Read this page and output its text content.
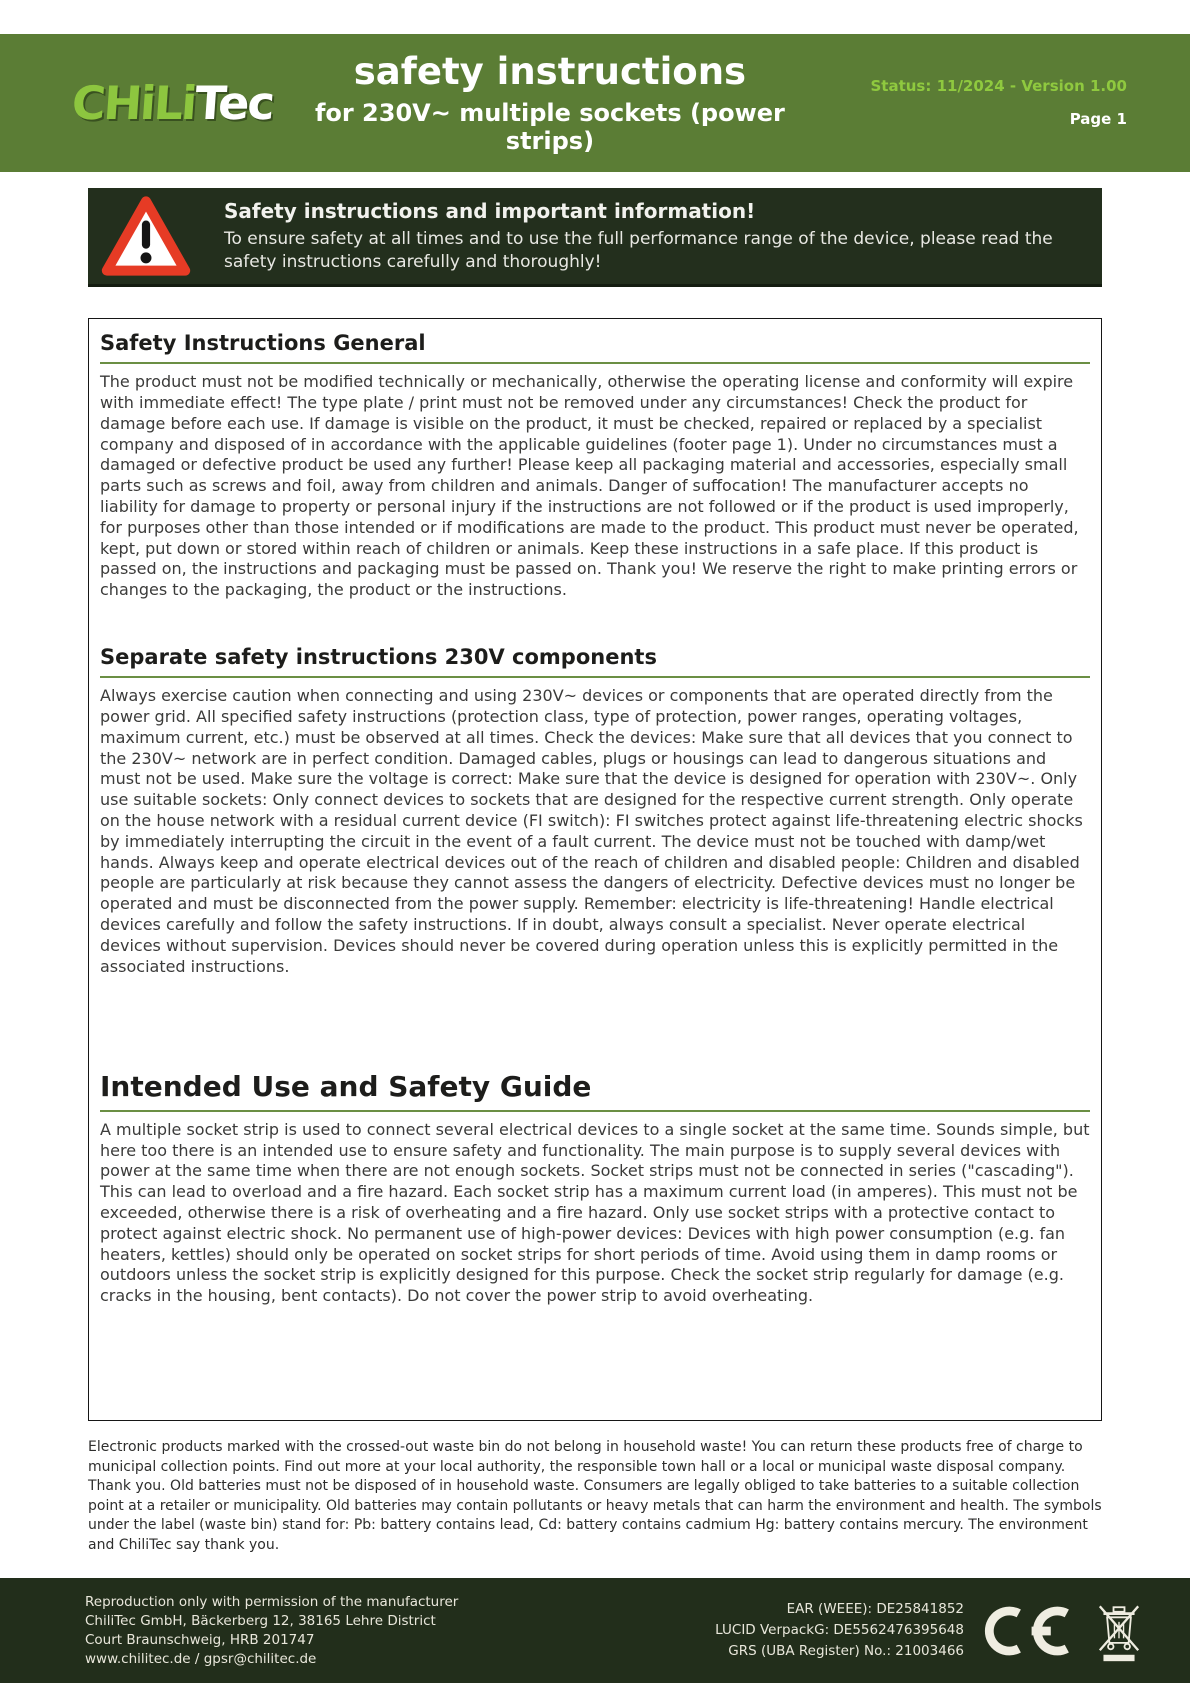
CHiLiTec
safety instructions
for 230V~ multiple sockets (power strips)
Status: 11/2024 - Version 1.00
Page 1
Safety instructions and important information!
To ensure safety at all times and to use the full performance range of the device, please read the safety instructions carefully and thoroughly!
Safety Instructions General

The product must not be modified technically or mechanically, otherwise the operating license and conformity will expire with immediate effect! The type plate / print must not be removed under any circumstances! Check the product for damage before each use. If damage is visible on the product, it must be checked, repaired or replaced by a specialist company and disposed of in accordance with the applicable guidelines (footer page 1). Under no circumstances must a damaged or defective product be used any further! Please keep all packaging material and accessories, especially small parts such as screws and foil, away from children and animals. Danger of suffocation! The manufacturer accepts no liability for damage to property or personal injury if the instructions are not followed or if the product is used improperly, for purposes other than those intended or if modifications are made to the product. This product must never be operated, kept, put down or stored within reach of children or animals. Keep these instructions in a safe place. If this product is passed on, the instructions and packaging must be passed on. Thank you! We reserve the right to make printing errors or changes to the packaging, the product or the instructions.

Separate safety instructions 230V components

Always exercise caution when connecting and using 230V~ devices or components that are operated directly from the power grid. All specified safety instructions (protection class, type of protection, power ranges, operating voltages, maximum current, etc.) must be observed at all times. Check the devices: Make sure that all devices that you connect to the 230V~ network are in perfect condition. Damaged cables, plugs or housings can lead to dangerous situations and must not be used. Make sure the voltage is correct: Make sure that the device is designed for operation with 230V~. Only use suitable sockets: Only connect devices to sockets that are designed for the respective current strength. Only operate on the house network with a residual current device (FI switch): FI switches protect against life-threatening electric shocks by immediately interrupting the circuit in the event of a fault current. The device must not be touched with damp/wet hands. Always keep and operate electrical devices out of the reach of children and disabled people: Children and disabled people are particularly at risk because they cannot assess the dangers of electricity. Defective devices must no longer be operated and must be disconnected from the power supply. Remember: electricity is life-threatening! Handle electrical devices carefully and follow the safety instructions. If in doubt, always consult a specialist. Never operate electrical devices without supervision. Devices should never be covered during operation unless this is explicitly permitted in the associated instructions.

Intended Use and Safety Guide

A multiple socket strip is used to connect several electrical devices to a single socket at the same time. Sounds simple, but here too there is an intended use to ensure safety and functionality. The main purpose is to supply several devices with power at the same time when there are not enough sockets. Socket strips must not be connected in series ("cascading"). This can lead to overload and a fire hazard. Each socket strip has a maximum current load (in amperes). This must not be exceeded, otherwise there is a risk of overheating and a fire hazard. Only use socket strips with a protective contact to protect against electric shock. No permanent use of high-power devices: Devices with high power consumption (e.g. fan heaters, kettles) should only be operated on socket strips for short periods of time. Avoid using them in damp rooms or outdoors unless the socket strip is explicitly designed for this purpose. Check the socket strip regularly for damage (e.g. cracks in the housing, bent contacts). Do not cover the power strip to avoid overheating.

Electronic products marked with the crossed-out waste bin do not belong in household waste! You can return these products free of charge to municipal collection points. Find out more at your local authority, the responsible town hall or a local or municipal waste disposal company. Thank you. Old batteries must not be disposed of in household waste. Consumers are legally obliged to take batteries to a suitable collection point at a retailer or municipality. Old batteries may contain pollutants or heavy metals that can harm the environment and health. The symbols under the label (waste bin) stand for: Pb: battery contains lead, Cd: battery contains cadmium Hg: battery contains mercury. The environment and ChiliTec say thank you.
Reproduction only with permission of the manufacturer
ChiliTec GmbH, Bäckerberg 12, 38165 Lehre District
Court Braunschweig, HRB 201747
www.chilitec.de / gpsr@chilitec.de
EAR (WEEE): DE25841852
LUCID VerpackG: DE5562476395648
GRS (UBA Register) No.: 21003466
